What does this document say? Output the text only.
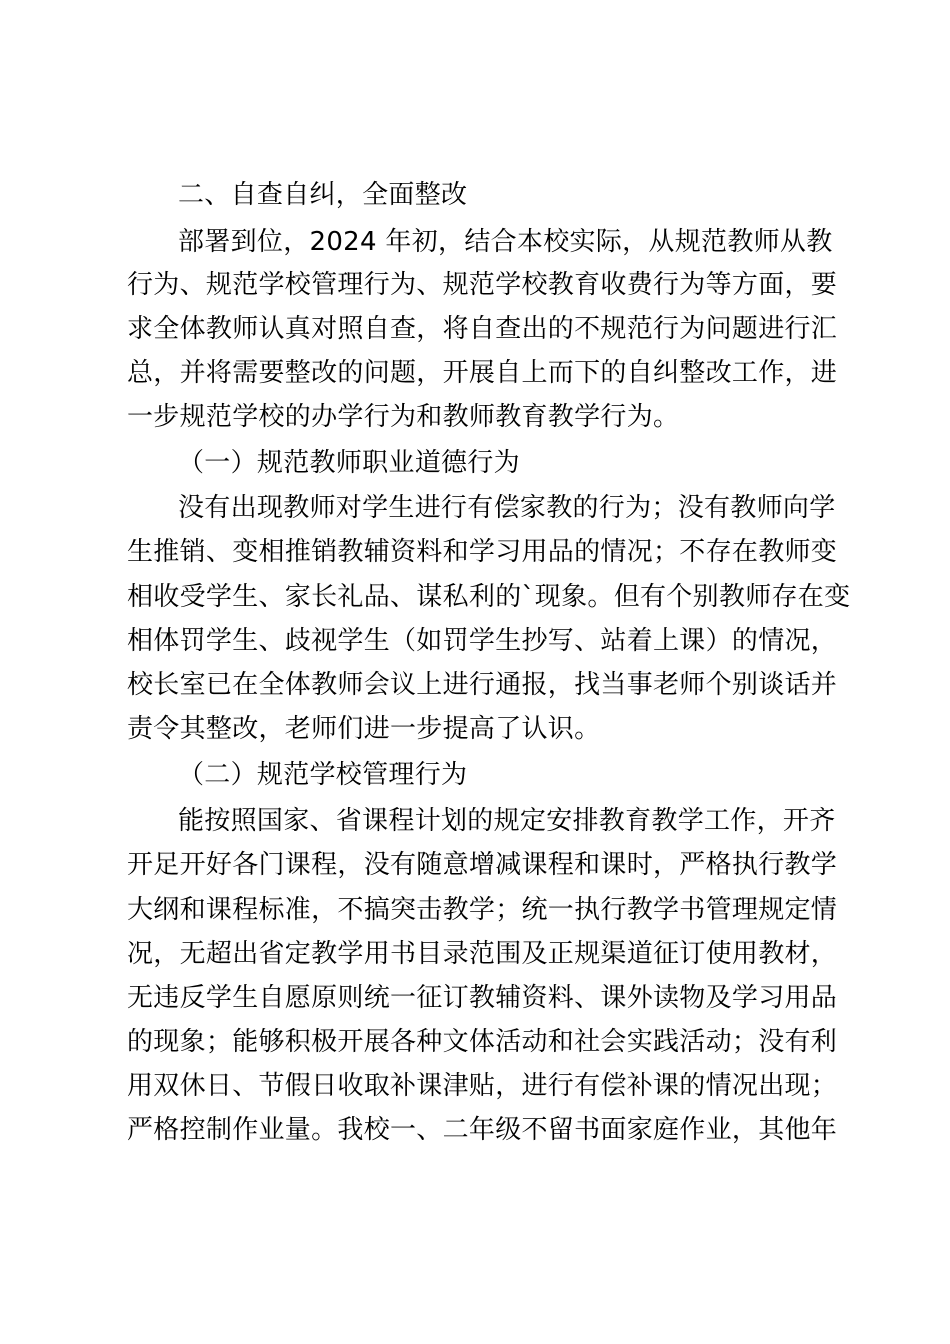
二、自查自纠，全面整改
部署到位，2024 年初，结合本校实际，从规范教师从教
行为、规范学校管理行为、规范学校教育收费行为等方面，要
求全体教师认真对照自查，将自查出的不规范行为问题进行汇
总，并将需要整改的问题，开展自上而下的自纠整改工作，进
一步规范学校的办学行为和教师教育教学行为。
（一）规范教师职业道德行为
没有出现教师对学生进行有偿家教的行为；没有教师向学
生推销、变相推销教辅资料和学习用品的情况；不存在教师变
相收受学生、家长礼品、谋私利的`现象。但有个别教师存在变
相体罚学生、歧视学生（如罚学生抄写、站着上课）的情况，
校长室已在全体教师会议上进行通报，找当事老师个别谈话并
责令其整改，老师们进一步提高了认识。
（二）规范学校管理行为
能按照国家、省课程计划的规定安排教育教学工作，开齐
开足开好各门课程，没有随意增减课程和课时，严格执行教学
大纲和课程标准，不搞突击教学；统一执行教学书管理规定情
况，无超出省定教学用书目录范围及正规渠道征订使用教材，
无违反学生自愿原则统一征订教辅资料、课外读物及学习用品
的现象；能够积极开展各种文体活动和社会实践活动；没有利
用双休日、节假日收取补课津贴，进行有偿补课的情况出现；
严格控制作业量。我校一、二年级不留书面家庭作业，其他年
